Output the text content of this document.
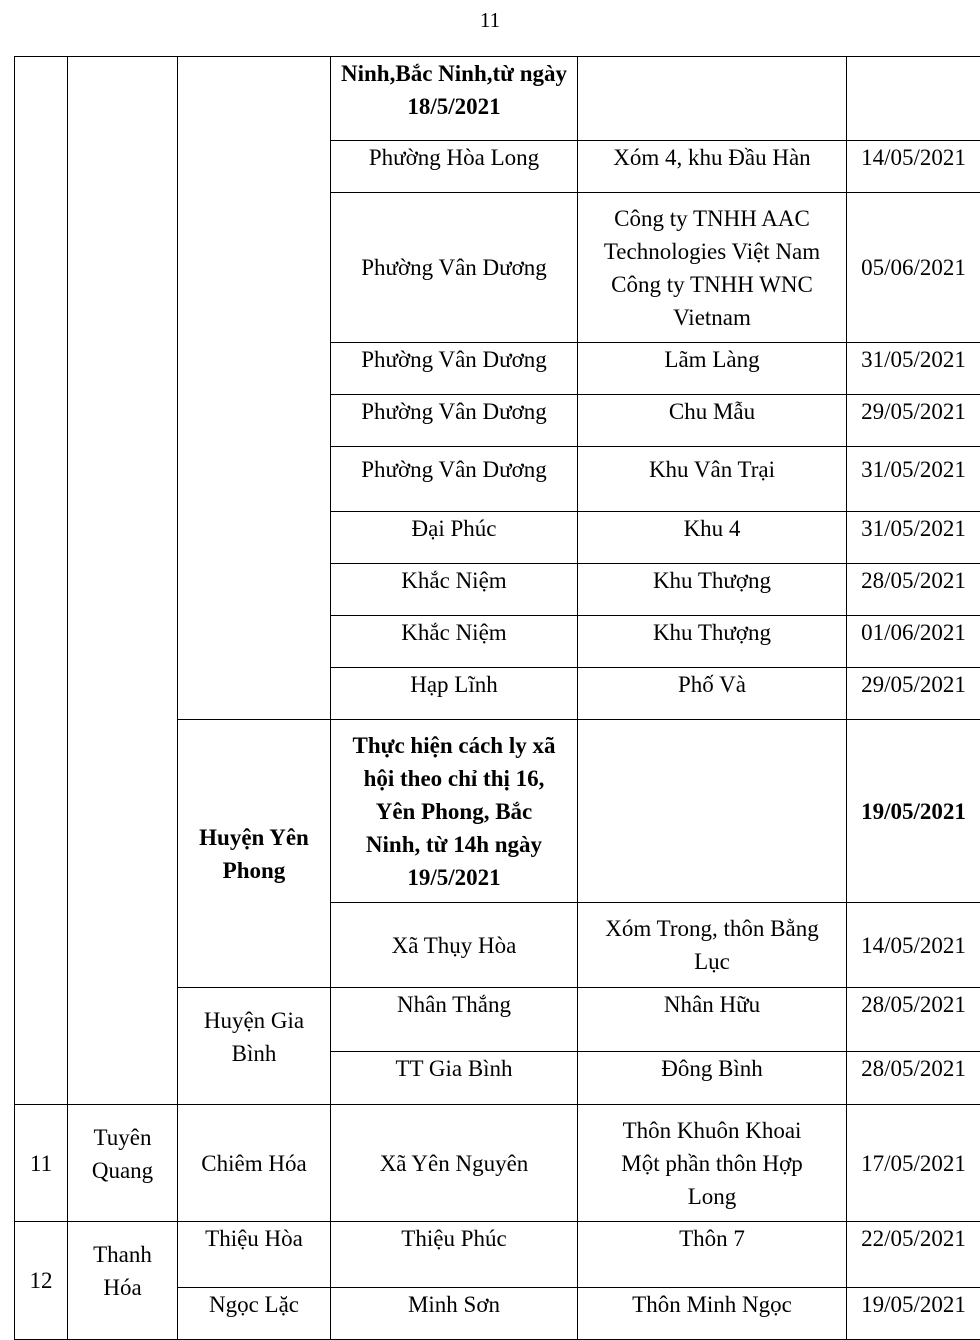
11
			Ninh,Bắc Ninh,từ ngày 18/5/2021		
			Phường Hòa Long	Xóm 4, khu Đầu Hàn	14/05/2021
			Phường Vân Dương	Công ty TNHH AAC
Technologies Việt Nam
Công ty TNHH WNC
Vietnam	05/06/2021
			Phường Vân Dương	Lãm Làng	31/05/2021
			Phường Vân Dương	Chu Mẫu	29/05/2021
			Phường Vân Dương	Khu Vân Trại	31/05/2021
			Đại Phúc	Khu 4	31/05/2021
			Khắc Niệm	Khu Thượng	28/05/2021
			Khắc Niệm	Khu Thượng	01/06/2021
			Hạp Lĩnh	Phố Và	29/05/2021

		Huyện Yên
Phong	Thực hiện cách ly xã
hội theo chỉ thị 16,
Yên Phong, Bắc
Ninh, từ 14h ngày
19/5/2021		19/05/2021
			Xã Thụy Hòa	Xóm Trong, thôn Bằng
Lục	14/05/2021

		Huyện Gia
Bình	Nhân Thắng	Nhân Hữu	28/05/2021
			TT Gia Bình	Đông Bình	28/05/2021
11	Tuyên
Quang	Chiêm Hóa	Xã Yên Nguyên	Thôn Khuôn Khoai
Một phần thôn Hợp
Long	17/05/2021
12	Thanh
Hóa	Thiệu Hòa	Thiệu Phúc	Thôn 7	22/05/2021
		Ngọc Lặc	Minh Sơn	Thôn Minh Ngọc	19/05/2021
